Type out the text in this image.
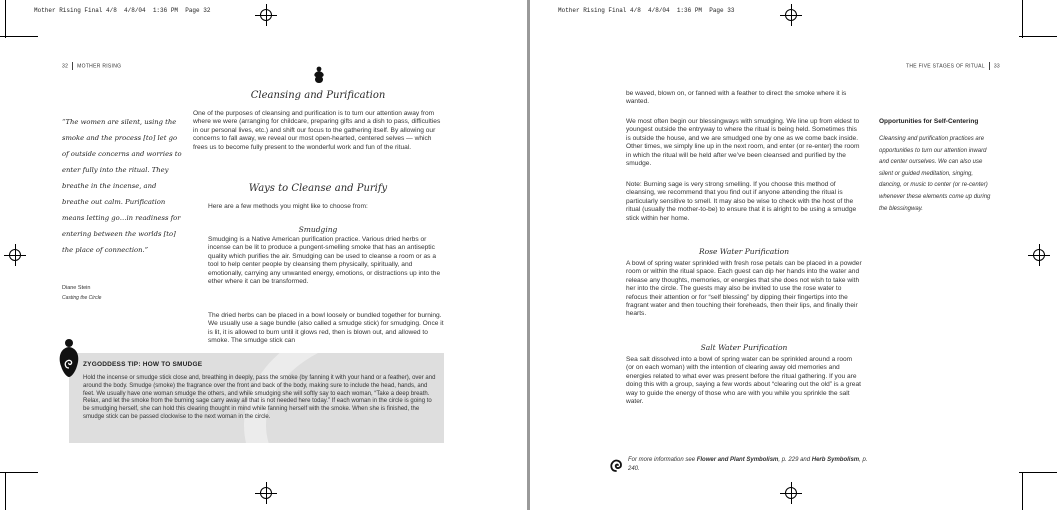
Mother Rising Final 4/8  4/8/04  1:36 PM  Page 32
32 MOTHER RISING
“The women are silent, using the smoke and the process [to] let go of outside concerns and worries to enter fully into the ritual. They breathe in the incense, and breathe out calm. Purification means letting go…in readiness for entering between the worlds [to] the place of connection.”
Diane Stein
Casting the Circle
Cleansing and Purification
One of the purposes of cleansing and purification is to turn our attention away from where we were (arranging for childcare, preparing gifts and a dish to pass, difficulties in our personal lives, etc.) and shift our focus to the gathering itself. By allowing our concerns to fall away, we reveal our most open-hearted, centered selves — which frees us to become fully present to the wonderful work and fun of the ritual.
Ways to Cleanse and Purify
Here are a few methods you might like to choose from:
Smudging
Smudging is a Native American purification practice. Various dried herbs or incense can be lit to produce a pungent-smelling smoke that has an antiseptic quality which purifies the air. Smudging can be used to cleanse a room or as a tool to help center people by cleansing them physically, spiritually, and emotionally, carrying any unwanted energy, emotions, or distractions up into the ether where it can be transformed.
The dried herbs can be placed in a bowl loosely or bundled together for burning. We usually use a sage bundle (also called a smudge stick) for smudging. Once it is lit, it is allowed to burn until it glows red, then is blown out, and allowed to smoke. The smudge stick can
ZYGODDESS TIP: HOW TO SMUDGE
Hold the incense or smudge stick close and, breathing in deeply, pass the smoke (by fanning it with your hand or a feather), over and around the body. Smudge (smoke) the fragrance over the front and back of the body, making sure to include the head, hands, and feet. We usually have one woman smudge the others, and while smudging she will softly say to each woman, “Take a deep breath. Relax, and let the smoke from the burning sage carry away all that is not needed here today.” If each woman in the circle is going to be smudging herself, she can hold this clearing thought in mind while fanning herself with the smoke. When she is finished, the smudge stick can be passed clockwise to the next woman in the circle.
Mother Rising Final 4/8  4/8/04  1:36 PM  Page 33
THE FIVE STAGES OF RITUAL 33
be waved, blown on, or fanned with a feather to direct the smoke where it is wanted.
We most often begin our blessingways with smudging. We line up from eldest to youngest outside the entryway to where the ritual is being held. Sometimes this is outside the house, and we are smudged one by one as we come back inside. Other times, we simply line up in the next room, and enter (or re-enter) the room in which the ritual will be held after we’ve been cleansed and purified by the smudge.
Note: Burning sage is very strong smelling. If you choose this method of cleansing, we recommend that you find out if anyone attending the ritual is particularly sensitive to smell. It may also be wise to check with the host of the ritual (usually the mother-to-be) to ensure that it is alright to be using a smudge stick within her home.
Rose Water Purification
A bowl of spring water sprinkled with fresh rose petals can be placed in a powder room or within the ritual space. Each guest can dip her hands into the water and release any thoughts, memories, or energies that she does not wish to take with her into the circle. The guests may also be invited to use the rose water to refocus their attention or for “self blessing” by dipping their fingertips into the fragrant water and then touching their foreheads, then their lips, and finally their hearts.
Salt Water Purification
Sea salt dissolved into a bowl of spring water can be sprinkled around a room (or on each woman) with the intention of clearing away old memories and energies related to what ever was present before the ritual gathering. If you are doing this with a group, saying a few words about “clearing out the old” is a great way to guide the energy of those who are with you while you sprinkle the salt water.
For more information see Flower and Plant Symbolism, p. 229 and Herb Symbolism, p. 240.
Opportunities for Self-Centering
Cleansing and purification practices are opportunities to turn our attention inward and center ourselves. We can also use silent or guided meditation, singing, dancing, or music to center (or re-center) whenever these elements come up during the blessingway.
